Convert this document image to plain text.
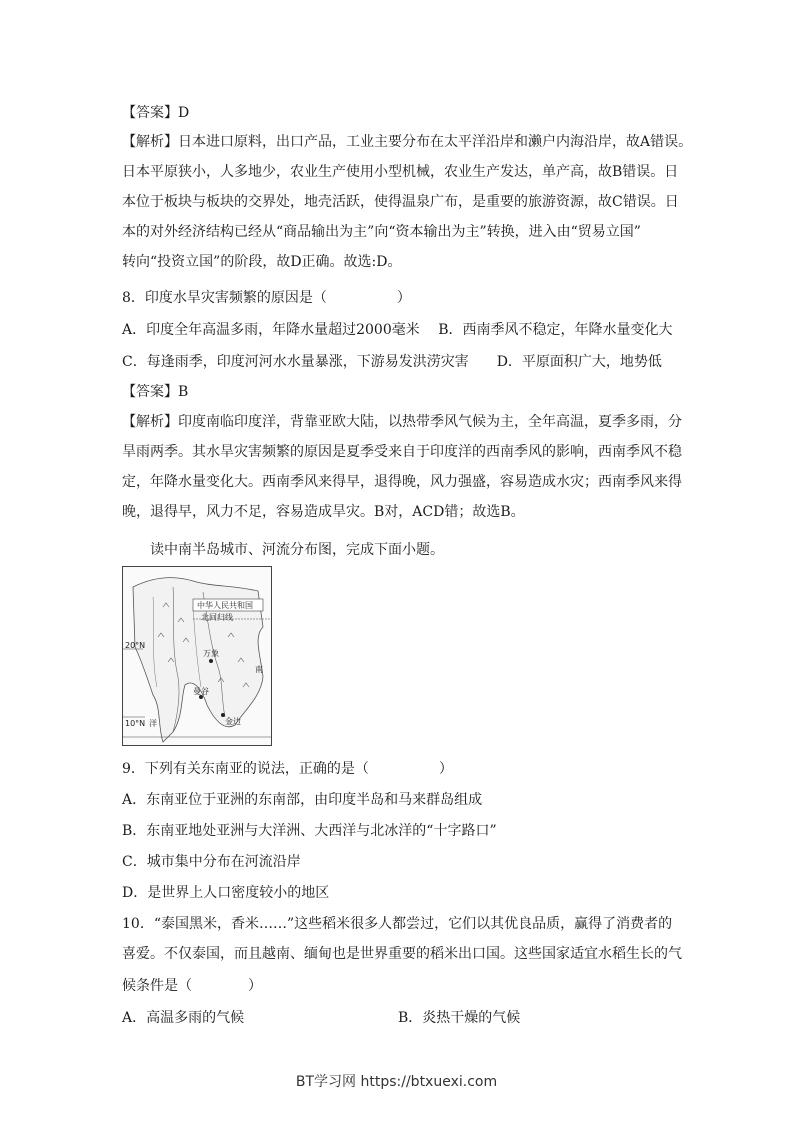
【答案】D
【解析】日本进口原料，出口产品，工业主要分布在太平洋沿岸和濑户内海沿岸，故A错误。
日本平原狭小，人多地少，农业生产使用小型机械，农业生产发达，单产高，故B错误。日
本位于板块与板块的交界处，地壳活跃，使得温泉广布，是重要的旅游资源，故C错误。日
本的对外经济结构已经从“商品输出为主”向“资本输出为主”转换，进入由“贸易立国”
转向“投资立国”的阶段，故D正确。故选:D。
8．印度水旱灾害频繁的原因是（　　　　　）
A．印度全年高温多雨，年降水量超过2000毫米　 B．西南季风不稳定，年降水量变化大
C．每逢雨季，印度河河水水量暴涨，下游易发洪涝灾害　　D．平原面积广大，地势低
【答案】B
【解析】印度南临印度洋，背靠亚欧大陆，以热带季风气候为主，全年高温，夏季多雨，分
旱雨两季。其水旱灾害频繁的原因是夏季受来自于印度洋的西南季风的影响，西南季风不稳
定，年降水量变化大。西南季风来得早，退得晚，风力强盛，容易造成水灾；西南季风来得
晚，退得早，风力不足，容易造成旱灾。B对，ACD错；故选B。
读中南半岛城市、河流分布图，完成下面小题。
中华人民共和国
北回归线
20°N
万象
南
曼谷
金边
10°N 洋
9．下列有关东南亚的说法，正确的是（　　　　　）
A．东南亚位于亚洲的东南部，由印度半岛和马来群岛组成
B．东南亚地处亚洲与大洋洲、大西洋与北冰洋的“十字路口”
C．城市集中分布在河流沿岸
D．是世界上人口密度较小的地区
10．“泰国黑米，香米……”这些稻米很多人都尝过，它们以其优良品质，赢得了消费者的
喜爱。不仅泰国，而且越南、缅甸也是世界重要的稻米出口国。这些国家适宜水稻生长的气
候条件是（　　　　）
A．高温多雨的气候	B．炎热干燥的气候
BT学习网 https://btxuexi.com
